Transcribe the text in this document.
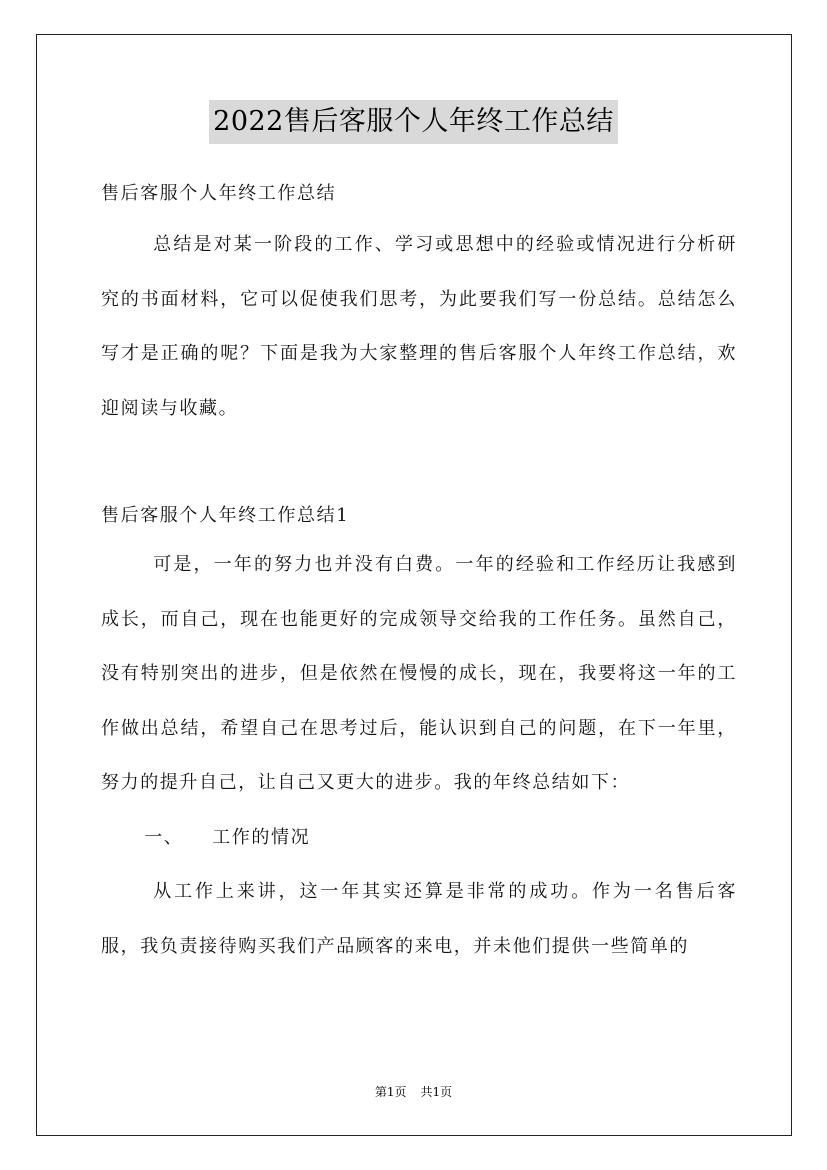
2022售后客服个人年终工作总结
售后客服个人年终工作总结

总结是对某一阶段的工作、学习或思想中的经验或情况进行分析研究的书面材料，它可以促使我们思考，为此要我们写一份总结。总结怎么写才是正确的呢？下面是我为大家整理的售后客服个人年终工作总结，欢迎阅读与收藏。

售后客服个人年终工作总结1

可是，一年的努力也并没有白费。一年的经验和工作经历让我感到成长，而自己，现在也能更好的完成领导交给我的工作任务。虽然自己，没有特别突出的进步，但是依然在慢慢的成长，现在，我要将这一年的工作做出总结，希望自己在思考过后，能认识到自己的问题，在下一年里，努力的提升自己，让自己又更大的进步。我的年终总结如下：

一、 工作的情况

从工作上来讲，这一年其实还算是非常的成功。作为一名售后客服，我负责接待购买我们产品顾客的来电，并未他们提供一些简单的

第1页 共1页
